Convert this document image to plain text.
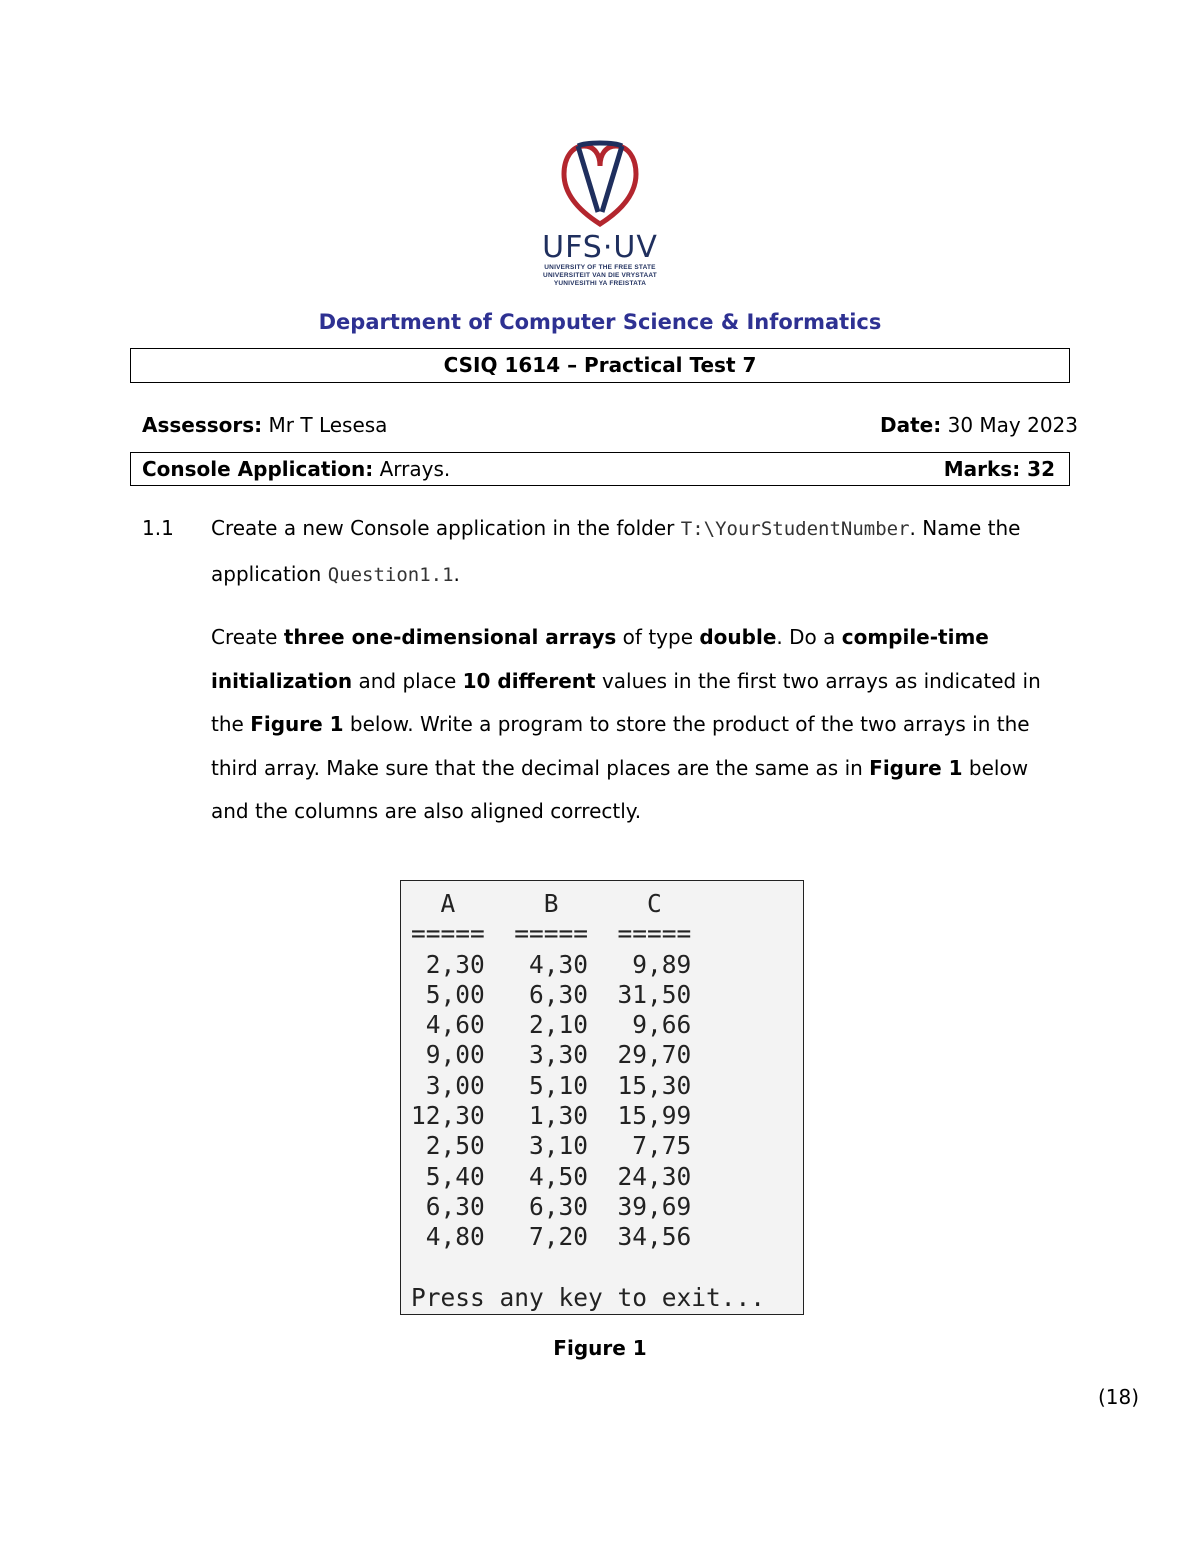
UFS·UV
UNIVERSITY OF THE FREE STATE
UNIVERSITEIT VAN DIE VRYSTAAT
YUNIVESITHI YA FREISTATA
Department of Computer Science & Informatics
CSIQ 1614 – Practical Test 7
Assessors: Mr T Lesesa	Date: 30 May 2023
Console Application: Arrays.	Marks: 32
1.1 Create a new Console application in the folder T:\YourStudentNumber. Name the application Question1.1.
Create three one-dimensional arrays of type double. Do a compile-time initialization and place 10 different values in the first two arrays as indicated in the Figure 1 below. Write a program to store the product of the two arrays in the third array. Make sure that the decimal places are the same as in Figure 1 below and the columns are also aligned correctly.
A      B      C
=====  =====  =====
2,30   4,30   9,89
5,00   6,30  31,50
4,60   2,10   9,66
9,00   3,30  29,70
3,00   5,10  15,30
12,30   1,30  15,99
2,50   3,10   7,75
5,40   4,50  24,30
6,30   6,30  39,69
4,80   7,20  34,56

Press any key to exit...
Figure 1
(18)
